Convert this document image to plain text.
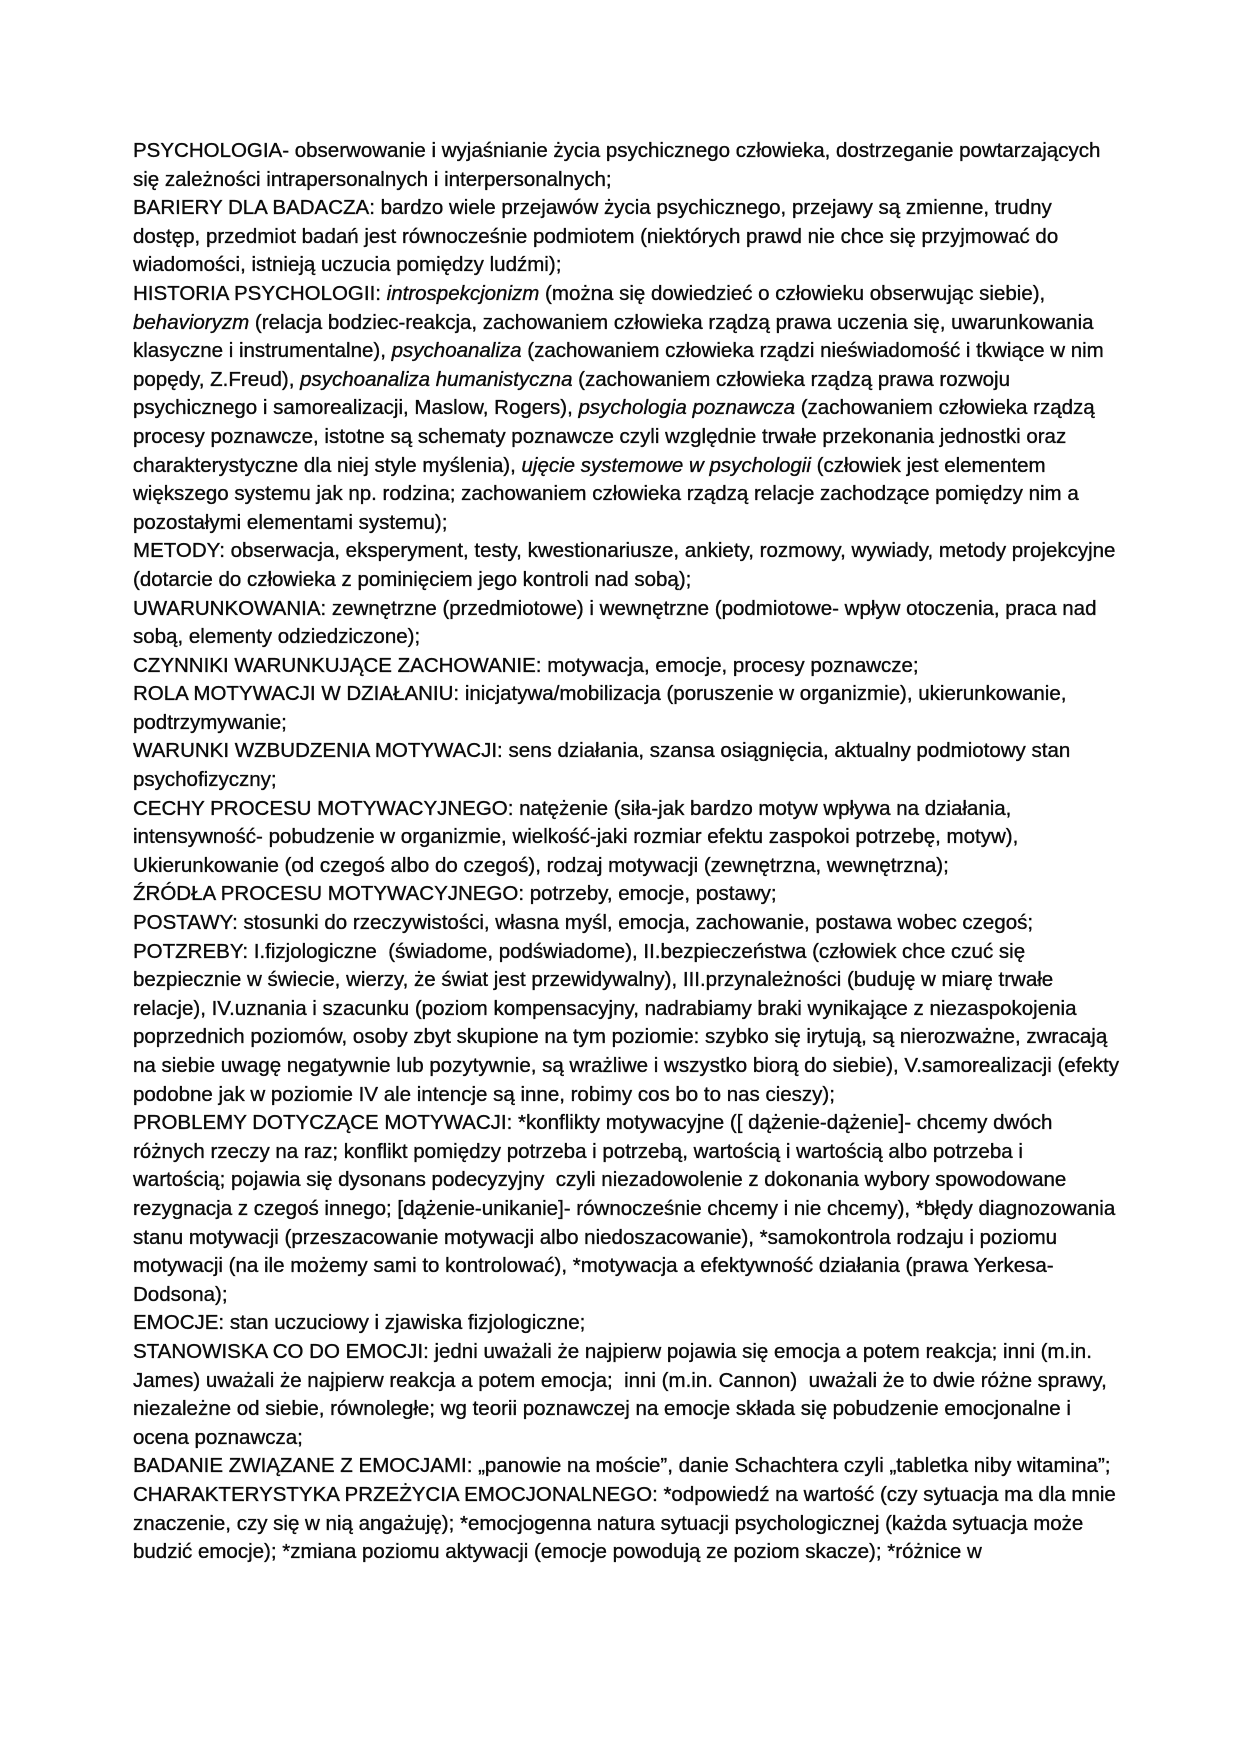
PSYCHOLOGIA- obserwowanie i wyjaśnianie życia psychicznego człowieka, dostrzeganie powtarzających się zależności intrapersonalnych i interpersonalnych;

BARIERY DLA BADACZA: bardzo wiele przejawów życia psychicznego, przejawy są zmienne, trudny dostęp, przedmiot badań jest równocześnie podmiotem (niektórych prawd nie chce się przyjmować do wiadomości, istnieją uczucia pomiędzy ludźmi);

HISTORIA PSYCHOLOGII: introspekcjonizm (można się dowiedzieć o człowieku obserwując siebie), behavioryzm (relacja bodziec-reakcja, zachowaniem człowieka rządzą prawa uczenia się, uwarunkowania klasyczne i instrumentalne), psychoanaliza (zachowaniem człowieka rządzi nieświadomość i tkwiące w nim popędy, Z.Freud), psychoanaliza humanistyczna (zachowaniem człowieka rządzą prawa rozwoju psychicznego i samorealizacji, Maslow, Rogers), psychologia poznawcza (zachowaniem człowieka rządzą procesy poznawcze, istotne są schematy poznawcze czyli względnie trwałe przekonania jednostki oraz charakterystyczne dla niej style myślenia), ujęcie systemowe w psychologii (człowiek jest elementem większego systemu jak np. rodzina; zachowaniem człowieka rządzą relacje zachodzące pomiędzy nim a pozostałymi elementami systemu);

METODY: obserwacja, eksperyment, testy, kwestionariusze, ankiety, rozmowy, wywiady, metody projekcyjne (dotarcie do człowieka z pominięciem jego kontroli nad sobą);

UWARUNKOWANIA: zewnętrzne (przedmiotowe) i wewnętrzne (podmiotowe- wpływ otoczenia, praca nad sobą, elementy odziedziczone);

CZYNNIKI WARUNKUJĄCE ZACHOWANIE: motywacja, emocje, procesy poznawcze;

ROLA MOTYWACJI W DZIAŁANIU: inicjatywa/mobilizacja (poruszenie w organizmie), ukierunkowanie, podtrzymywanie;

WARUNKI WZBUDZENIA MOTYWACJI: sens działania, szansa osiągnięcia, aktualny podmiotowy stan psychofizyczny;

CECHY PROCESU MOTYWACYJNEGO: natężenie (siła-jak bardzo motyw wpływa na działania, intensywność- pobudzenie w organizmie, wielkość-jaki rozmiar efektu zaspokoi potrzebę, motyw), Ukierunkowanie (od czegoś albo do czegoś), rodzaj motywacji (zewnętrzna, wewnętrzna);

ŹRÓDŁA PROCESU MOTYWACYJNEGO: potrzeby, emocje, postawy;

POSTAWY: stosunki do rzeczywistości, własna myśl, emocja, zachowanie, postawa wobec czegoś;

POTZREBY: I.fizjologiczne  (świadome, podświadome), II.bezpieczeństwa (człowiek chce czuć się bezpiecznie w świecie, wierzy, że świat jest przewidywalny), III.przynależności (buduję w miarę trwałe relacje), IV.uznania i szacunku (poziom kompensacyjny, nadrabiamy braki wynikające z niezaspokojenia poprzednich poziomów, osoby zbyt skupione na tym poziomie: szybko się irytują, są nierozważne, zwracają na siebie uwagę negatywnie lub pozytywnie, są wrażliwe i wszystko biorą do siebie), V.samorealizacji (efekty podobne jak w poziomie IV ale intencje są inne, robimy cos bo to nas cieszy);

PROBLEMY DOTYCZĄCE MOTYWACJI: *konflikty motywacyjne ([ dążenie-dążenie]- chcemy dwóch różnych rzeczy na raz; konflikt pomiędzy potrzeba i potrzebą, wartością i wartością albo potrzeba i wartością; pojawia się dysonans podecyzyjny  czyli niezadowolenie z dokonania wybory spowodowane rezygnacja z czegoś innego; [dążenie-unikanie]- równocześnie chcemy i nie chcemy), *błędy diagnozowania stanu motywacji (przeszacowanie motywacji albo niedoszacowanie), *samokontrola rodzaju i poziomu motywacji (na ile możemy sami to kontrolować), *motywacja a efektywność działania (prawa Yerkesa- Dodsona);

EMOCJE: stan uczuciowy i zjawiska fizjologiczne;

STANOWISKA CO DO EMOCJI: jedni uważali że najpierw pojawia się emocja a potem reakcja; inni (m.in. James) uważali że najpierw reakcja a potem emocja;  inni (m.in. Cannon)  uważali że to dwie różne sprawy, niezależne od siebie, równoległe; wg teorii poznawczej na emocje składa się pobudzenie emocjonalne i ocena poznawcza;

BADANIE ZWIĄZANE Z EMOCJAMI: „panowie na moście”, danie Schachtera czyli „tabletka niby witamina”;

CHARAKTERYSTYKA PRZEŻYCIA EMOCJONALNEGO: *odpowiedź na wartość (czy sytuacja ma dla mnie znaczenie, czy się w nią angażuję); *emocjogenna natura sytuacji psychologicznej (każda sytuacja może budzić emocje); *zmiana poziomu aktywacji (emocje powodują ze poziom skacze); *różnice w
